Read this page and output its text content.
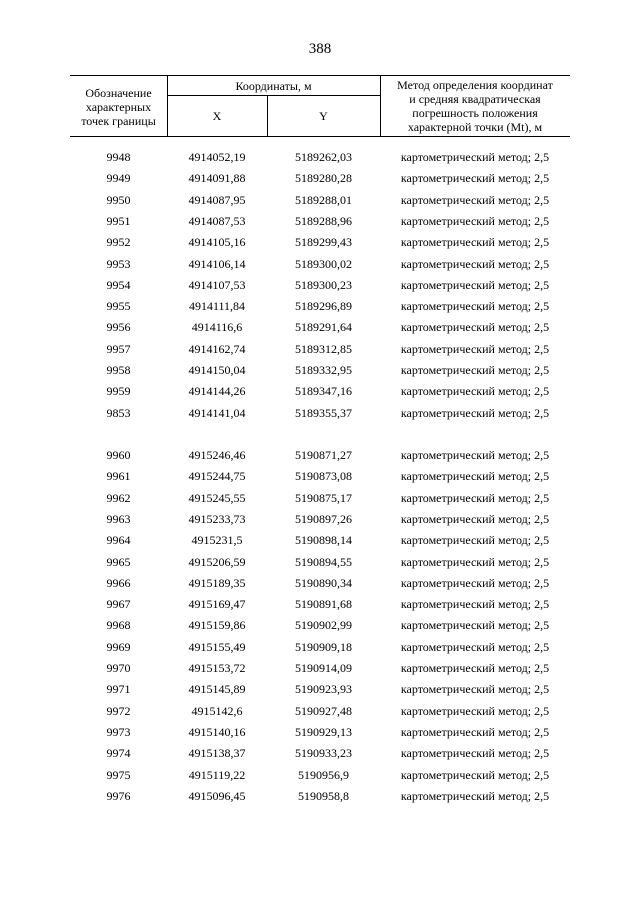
388
Обозначение
характерных
точек границы
Координаты, м
X	Y
Метод определения координат
и средняя квадратическая
погрешность положения
характерной точки (Mt), м
9948	4914052,19	5189262,03	картометрический метод; 2,5
9949	4914091,88	5189280,28	картометрический метод; 2,5
9950	4914087,95	5189288,01	картометрический метод; 2,5
9951	4914087,53	5189288,96	картометрический метод; 2,5
9952	4914105,16	5189299,43	картометрический метод; 2,5
9953	4914106,14	5189300,02	картометрический метод; 2,5
9954	4914107,53	5189300,23	картометрический метод; 2,5
9955	4914111,84	5189296,89	картометрический метод; 2,5
9956	4914116,6	5189291,64	картометрический метод; 2,5
9957	4914162,74	5189312,85	картометрический метод; 2,5
9958	4914150,04	5189332,95	картометрический метод; 2,5
9959	4914144,26	5189347,16	картометрический метод; 2,5
9853	4914141,04	5189355,37	картометрический метод; 2,5
9960	4915246,46	5190871,27	картометрический метод; 2,5
9961	4915244,75	5190873,08	картометрический метод; 2,5
9962	4915245,55	5190875,17	картометрический метод; 2,5
9963	4915233,73	5190897,26	картометрический метод; 2,5
9964	4915231,5	5190898,14	картометрический метод; 2,5
9965	4915206,59	5190894,55	картометрический метод; 2,5
9966	4915189,35	5190890,34	картометрический метод; 2,5
9967	4915169,47	5190891,68	картометрический метод; 2,5
9968	4915159,86	5190902,99	картометрический метод; 2,5
9969	4915155,49	5190909,18	картометрический метод; 2,5
9970	4915153,72	5190914,09	картометрический метод; 2,5
9971	4915145,89	5190923,93	картометрический метод; 2,5
9972	4915142,6	5190927,48	картометрический метод; 2,5
9973	4915140,16	5190929,13	картометрический метод; 2,5
9974	4915138,37	5190933,23	картометрический метод; 2,5
9975	4915119,22	5190956,9	картометрический метод; 2,5
9976	4915096,45	5190958,8	картометрический метод; 2,5
